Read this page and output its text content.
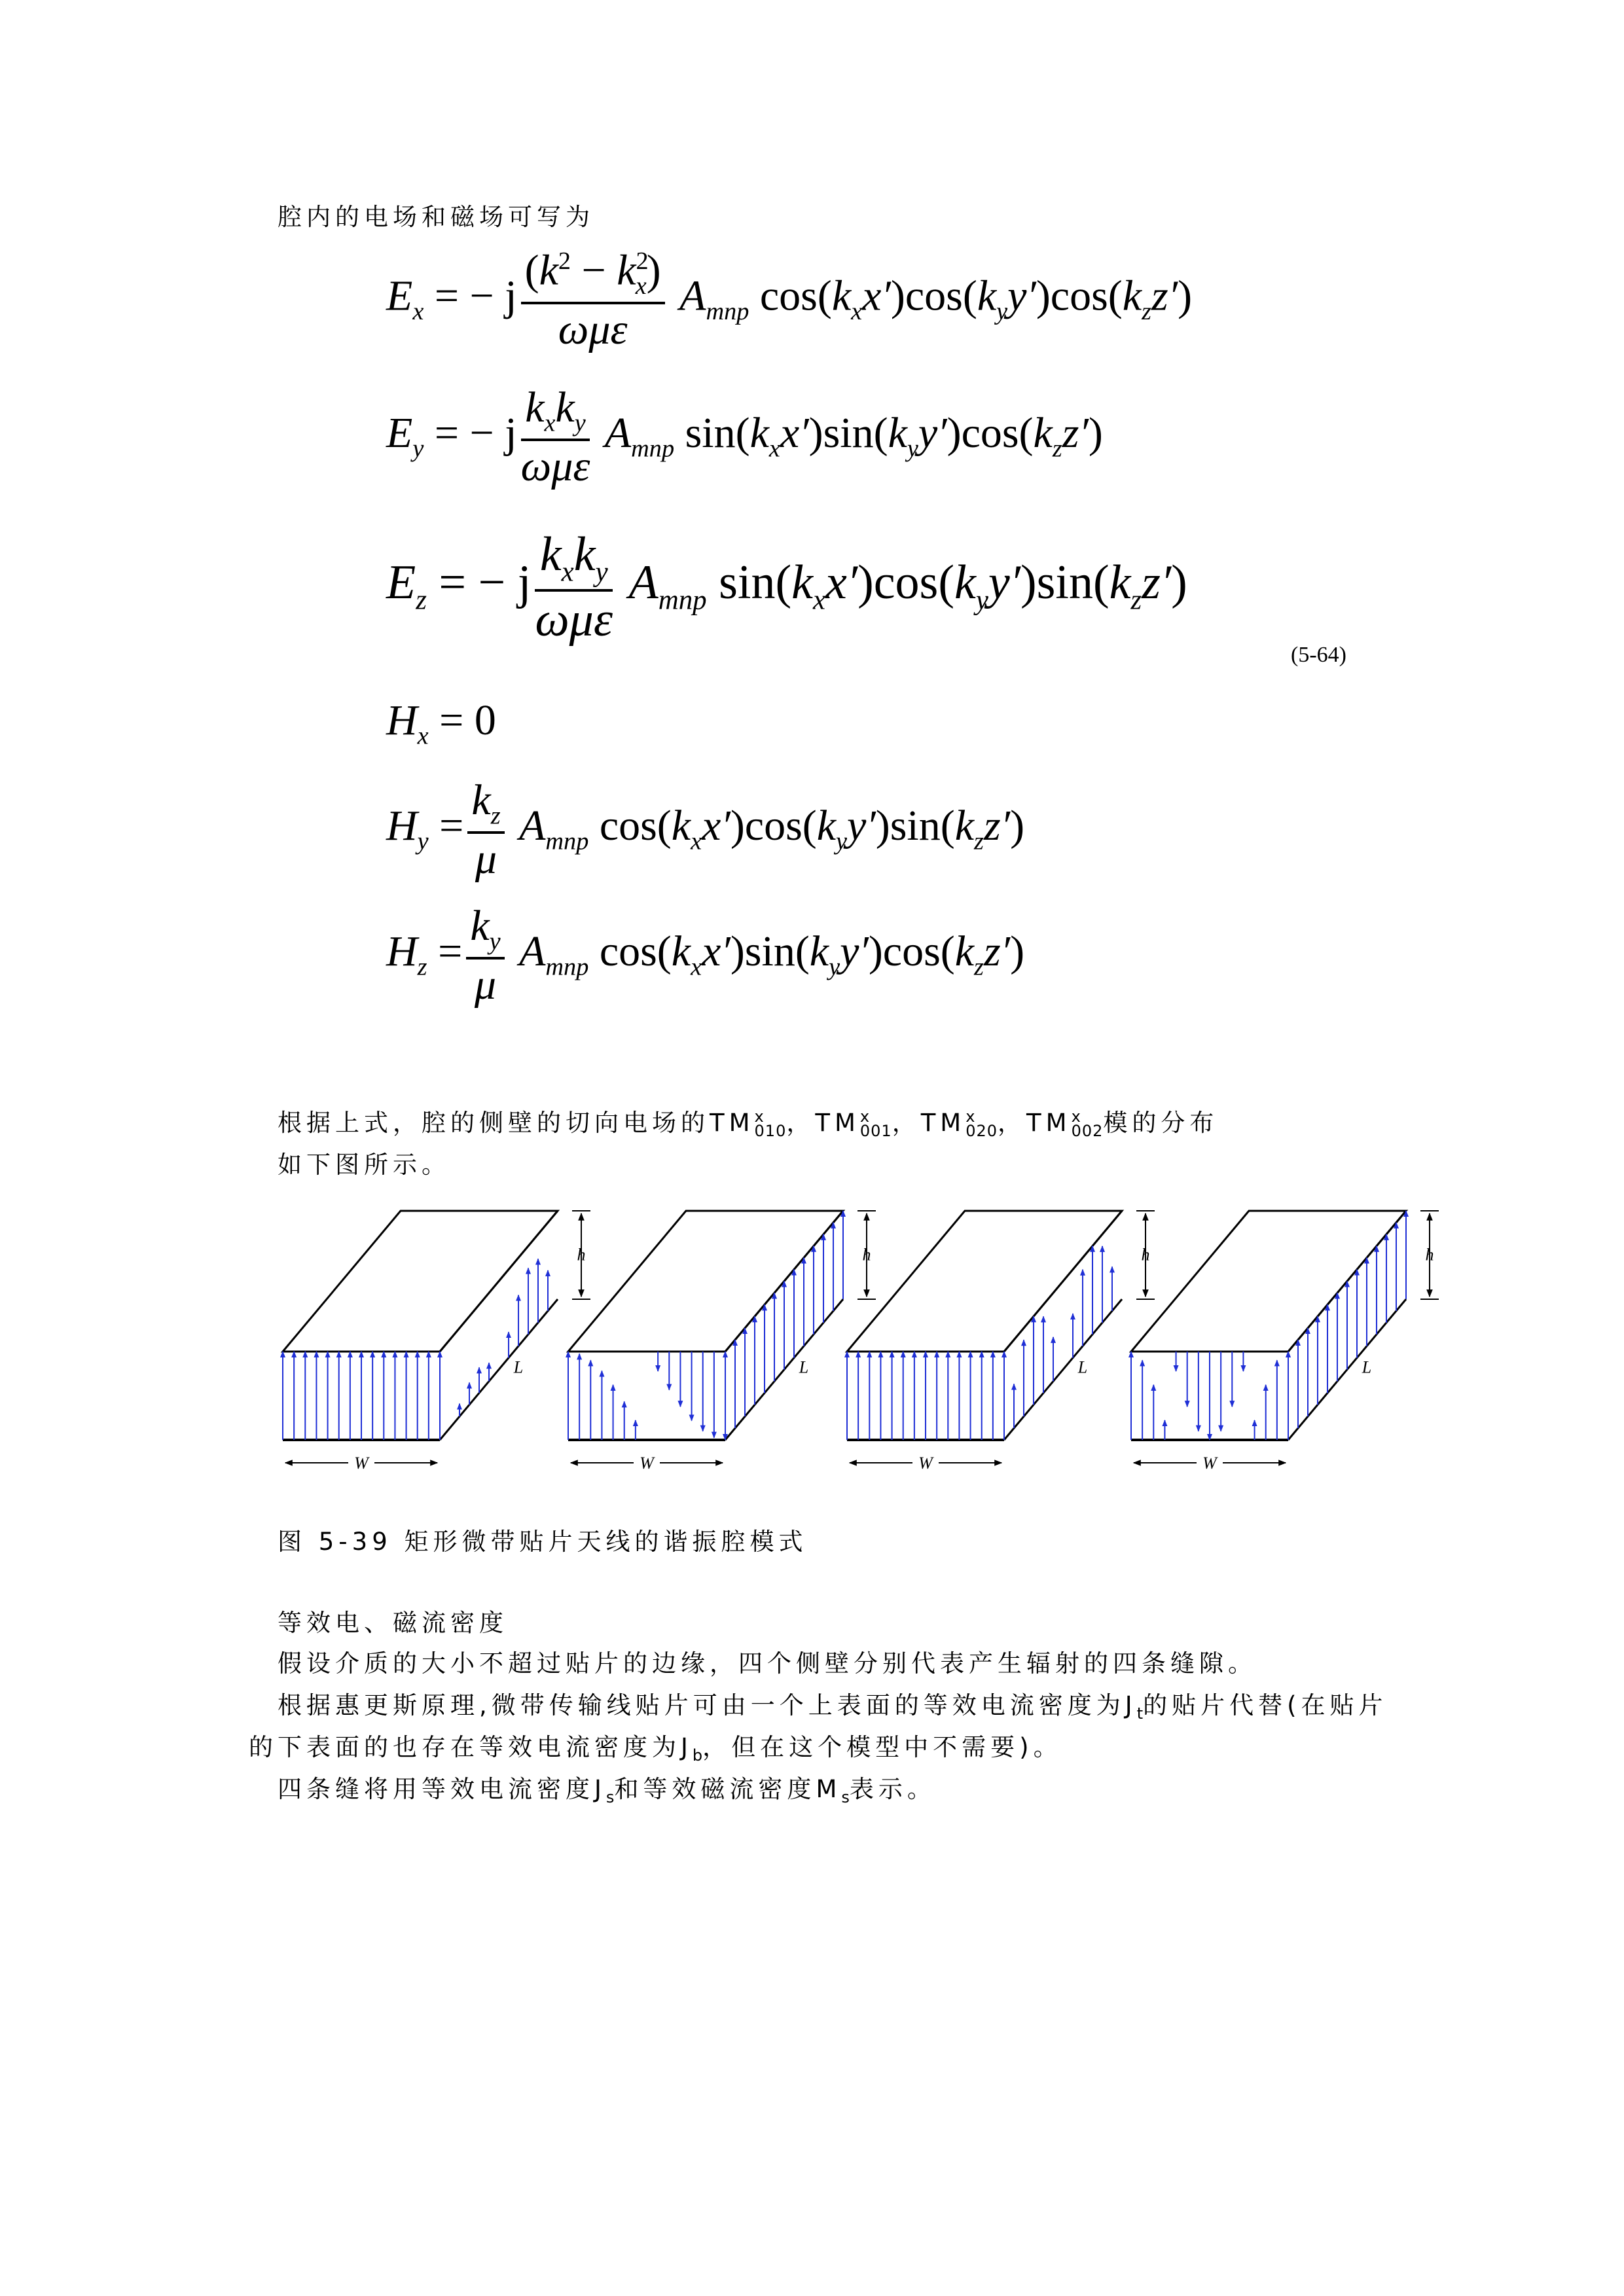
腔内的电场和磁场可写为
$E_x$ = − j $\frac{(k^2 - k^2_x)}{\text{ωμε}} A_{mnp}$ $\cos(k_xx')\cos(k_yy')\cos(k_zz')$
$E_y$ = − j $\frac{k_xk_y}{\text{ωμε}} A_{mnp}$ $\sin(k_xx')\sin(k_yy')\cos(k_zz')$
$E_z$ = − j $\frac{k_xk_y}{\text{ωμε}} A_{mnp}$ $\sin(k_xx')\cos(k_yy')\sin(k_zz')$
(5-64)
$H_x = 0$
$H_y = \frac{k_z}{\mu} A_{mnp}$ $\cos(k_xx')\cos(k_yy')\sin(k_zz')$
$H_z = \frac{k_y}{\mu} A_{mnp}$ $\cos(k_xx')\sin(k_yy')\cos(k_zz')$
根据上式，腔的侧壁的切向电场的TM x
010 ，TM x
001 ，TM x
020 ，TM x
002 模的分布
如下图所示。
W
L
h
W
L
h
W
L
h
W
L
h
图 5-39 矩形微带贴片天线的谐振腔模式
等效电、磁流密度
假设介质的大小不超过贴片的边缘，四个侧壁分别代表产生辐射的四条缝隙。
根据惠更斯原理,微带传输线贴片可由一个上表面的等效电流密度为$J_t$的贴片代替(在贴片
的下表面的也存在等效电流密度为$J_b$，但在这个模型中不需要)。
四条缝将用等效电流密度$J_s$和等效磁流密度$M_s$表示。
